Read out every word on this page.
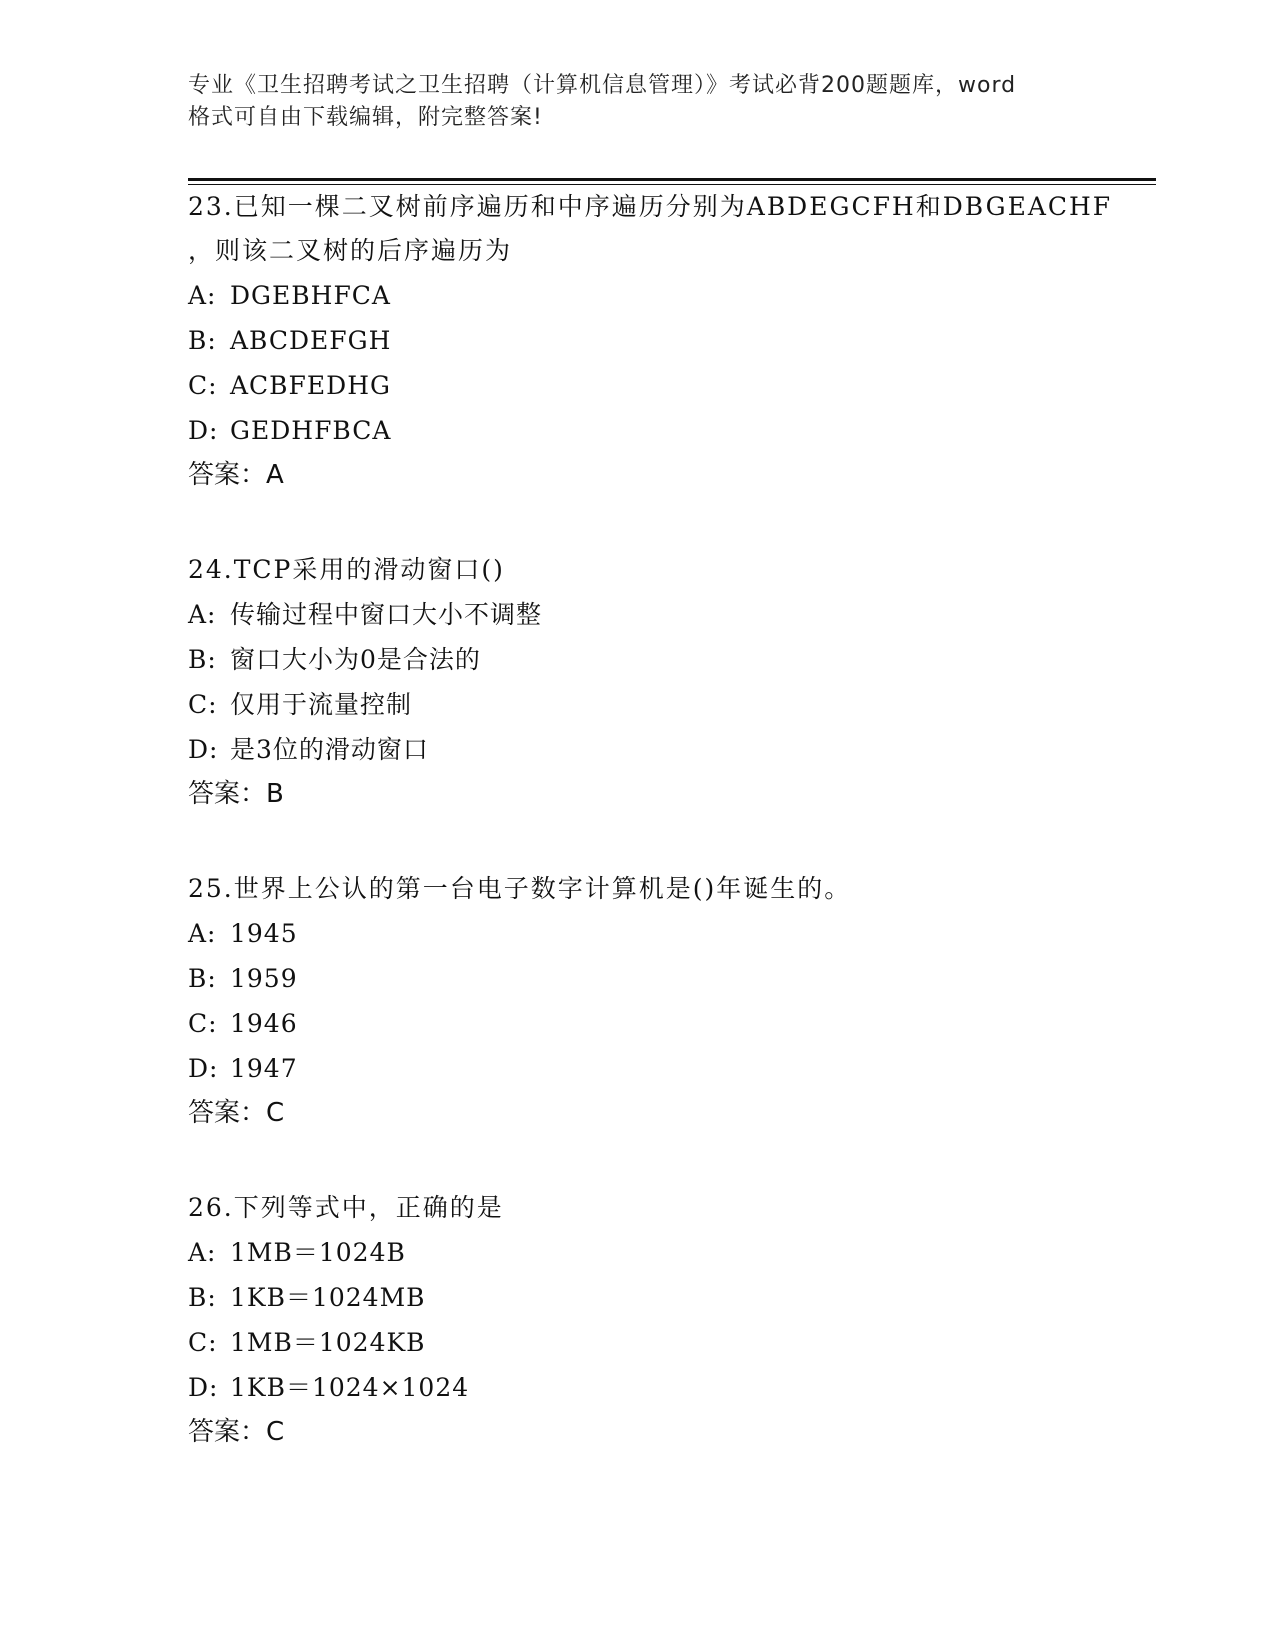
专业《卫生招聘考试之卫生招聘（计算机信息管理）》考试必背200题题库，word
格式可自由下载编辑，附完整答案!
23.已知一棵二叉树前序遍历和中序遍历分别为ABDEGCFH和DBGEACHF
，则该二叉树的后序遍历为
A: DGEBHFCA
B: ABCDEFGH
C: ACBFEDHG
D: GEDHFBCA
答案：A
24.TCP采用的滑动窗口()
A: 传输过程中窗口大小不调整
B: 窗口大小为0是合法的
C: 仅用于流量控制
D: 是3位的滑动窗口
答案：B
25.世界上公认的第一台电子数字计算机是()年诞生的。
A: 1945
B: 1959
C: 1946
D: 1947
答案：C
26.下列等式中，正确的是
A: 1MB＝1024B
B: 1KB＝1024MB
C: 1MB＝1024KB
D: 1KB＝1024×1024
答案：C
